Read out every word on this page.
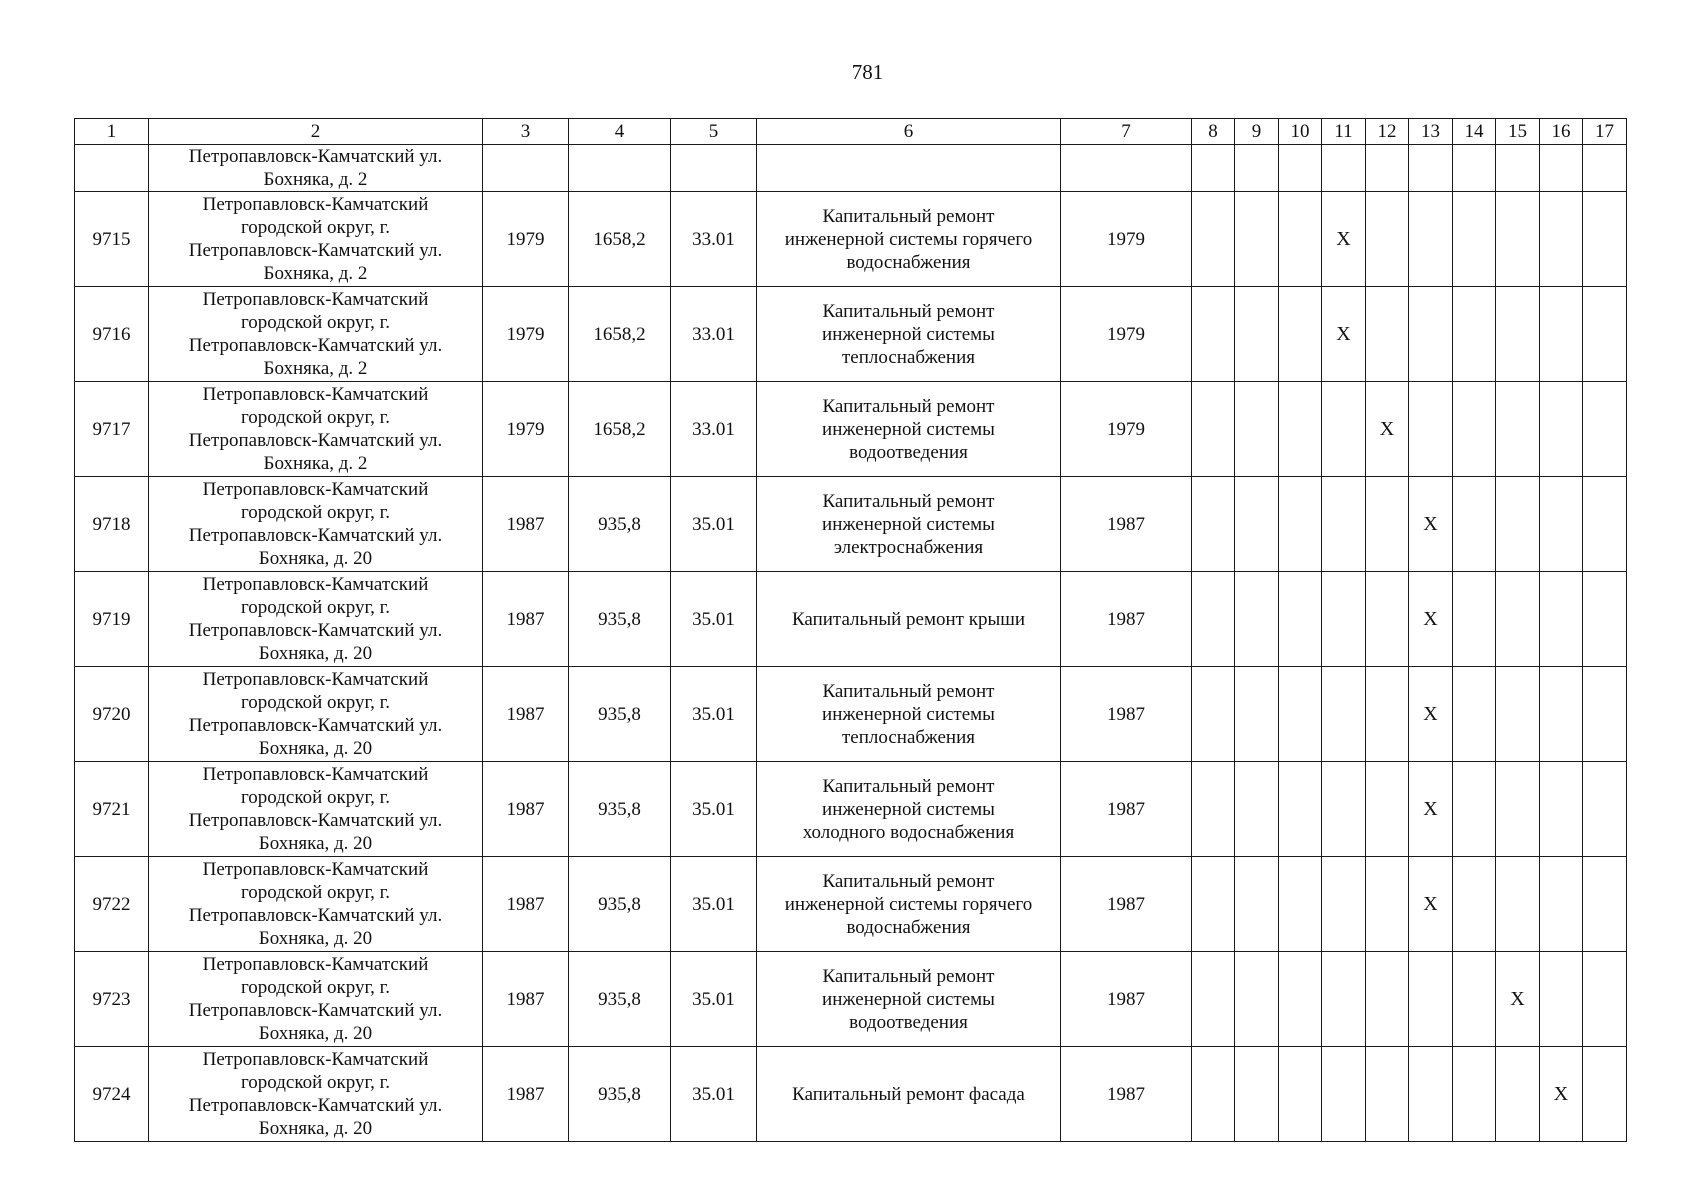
781
1	2	3	4	5	6	7	8	9	10	11	12	13	14	15	16	17
	Петропавловск-Камчатский ул.
Бохняка, д. 2															
9715	Петропавловск-Камчатский
городской округ, г.
Петропавловск-Камчатский ул.
Бохняка, д. 2	1979	1658,2	33.01	Капитальный ремонт
инженерной системы горячего
водоснабжения	1979				X						
9716	Петропавловск-Камчатский
городской округ, г.
Петропавловск-Камчатский ул.
Бохняка, д. 2	1979	1658,2	33.01	Капитальный ремонт
инженерной системы
теплоснабжения	1979				X						
9717	Петропавловск-Камчатский
городской округ, г.
Петропавловск-Камчатский ул.
Бохняка, д. 2	1979	1658,2	33.01	Капитальный ремонт
инженерной системы
водоотведения	1979					X					
9718	Петропавловск-Камчатский
городской округ, г.
Петропавловск-Камчатский ул.
Бохняка, д. 20	1987	935,8	35.01	Капитальный ремонт
инженерной системы
электроснабжения	1987						X				
9719	Петропавловск-Камчатский
городской округ, г.
Петропавловск-Камчатский ул.
Бохняка, д. 20	1987	935,8	35.01	Капитальный ремонт крыши	1987						X				
9720	Петропавловск-Камчатский
городской округ, г.
Петропавловск-Камчатский ул.
Бохняка, д. 20	1987	935,8	35.01	Капитальный ремонт
инженерной системы
теплоснабжения	1987						X				
9721	Петропавловск-Камчатский
городской округ, г.
Петропавловск-Камчатский ул.
Бохняка, д. 20	1987	935,8	35.01	Капитальный ремонт
инженерной системы
холодного водоснабжения	1987						X				
9722	Петропавловск-Камчатский
городской округ, г.
Петропавловск-Камчатский ул.
Бохняка, д. 20	1987	935,8	35.01	Капитальный ремонт
инженерной системы горячего
водоснабжения	1987						X				
9723	Петропавловск-Камчатский
городской округ, г.
Петропавловск-Камчатский ул.
Бохняка, д. 20	1987	935,8	35.01	Капитальный ремонт
инженерной системы
водоотведения	1987								X		
9724	Петропавловск-Камчатский
городской округ, г.
Петропавловск-Камчатский ул.
Бохняка, д. 20	1987	935,8	35.01	Капитальный ремонт фасада	1987									X	
